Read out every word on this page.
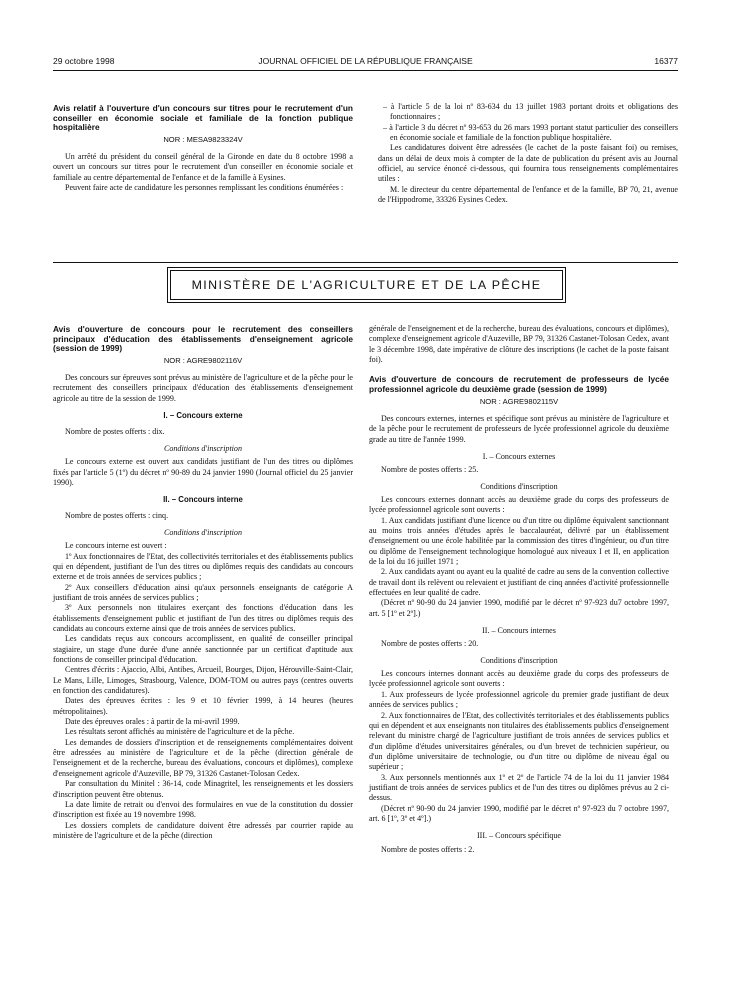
29 octobre 1998	JOURNAL OFFICIEL DE LA RÉPUBLIQUE FRANÇAISE	16377

Avis relatif à l'ouverture d'un concours sur titres pour le recrutement d'un conseiller en économie sociale et familiale de la fonction publique hospitalière

NOR : MESA9823324V

Un arrêté du président du conseil général de la Gironde en date du 8 octobre 1998 a ouvert un concours sur titres pour le recrutement d'un conseiller en économie sociale et familiale au centre départemental de l'enfance et de la famille à Eysines.

Peuvent faire acte de candidature les personnes remplissant les conditions énumérées :

– à l'article 5 de la loi nº 83-634 du 13 juillet 1983 portant droits et obligations des fonctionnaires ;

– à l'article 3 du décret nº 93-653 du 26 mars 1993 portant statut particulier des conseillers en économie sociale et familiale de la fonction publique hospitalière.

Les candidatures doivent être adressées (le cachet de la poste faisant foi) ou remises, dans un délai de deux mois à compter de la date de publication du présent avis au Journal officiel, au service énoncé ci-dessous, qui fournira tous renseignements complémentaires utiles :

M. le directeur du centre départemental de l'enfance et de la famille, BP 70, 21, avenue de l'Hippodrome, 33326 Eysines Cedex.

MINISTÈRE DE L'AGRICULTURE ET DE LA PÊCHE

Avis d'ouverture de concours pour le recrutement des conseillers principaux d'éducation des établissements d'enseignement agricole (session de 1999)

NOR : AGRE9802116V

Des concours sur épreuves sont prévus au ministère de l'agriculture et de la pêche pour le recrutement des conseillers principaux d'éducation des établissements d'enseignement agricole au titre de la session de 1999.

I. – Concours externe

Nombre de postes offerts : dix.

Conditions d'inscription

Le concours externe est ouvert aux candidats justifiant de l'un des titres ou diplômes fixés par l'article 5 (1º) du décret nº 90-89 du 24 janvier 1990 (Journal officiel du 25 janvier 1990).

II. – Concours interne

Nombre de postes offerts : cinq.

Conditions d'inscription

Le concours interne est ouvert :

1º Aux fonctionnaires de l'Etat, des collectivités territoriales et des établissements publics qui en dépendent, justifiant de l'un des titres ou diplômes requis des candidats au concours externe et de trois années de services publics ;

2º Aux conseillers d'éducation ainsi qu'aux personnels enseignants de catégorie A justifiant de trois années de services publics ;

3º Aux personnels non titulaires exerçant des fonctions d'éducation dans les établissements d'enseignement public et justifiant de l'un des titres ou diplômes requis des candidats au concours externe ainsi que de trois années de services publics.

Les candidats reçus aux concours accomplissent, en qualité de conseiller principal stagiaire, un stage d'une durée d'une année sanctionnée par un certificat d'aptitude aux fonctions de conseiller principal d'éducation.

Centres d'écrits : Ajaccio, Albi, Antibes, Arcueil, Bourges, Dijon, Hérouville-Saint-Clair, Le Mans, Lille, Limoges, Strasbourg, Valence, DOM-TOM ou autres pays (centres ouverts en fonction des candidatures).

Dates des épreuves écrites : les 9 et 10 février 1999, à 14 heures (heures métropolitaines).

Date des épreuves orales : à partir de la mi-avril 1999.

Les résultats seront affichés au ministère de l'agriculture et de la pêche.

Les demandes de dossiers d'inscription et de renseignements complémentaires doivent être adressées au ministère de l'agriculture et de la pêche (direction générale de l'enseignement et de la recherche, bureau des évaluations, concours et diplômes), complexe d'enseignement agricole d'Auzeville, BP 79, 31326 Castanet-Tolosan Cedex.

Par consultation du Minitel : 36-14, code Minagritel, les renseignements et les dossiers d'inscription peuvent être obtenus.

La date limite de retrait ou d'envoi des formulaires en vue de la constitution du dossier d'inscription est fixée au 19 novembre 1998.

Les dossiers complets de candidature doivent être adressés par courrier rapide au ministère de l'agriculture et de la pêche (direction

générale de l'enseignement et de la recherche, bureau des évaluations, concours et diplômes), complexe d'enseignement agricole d'Auzeville, BP 79, 31326 Castanet-Tolosan Cedex, avant le 3 décembre 1998, date impérative de clôture des inscriptions (le cachet de la poste faisant foi).

Avis d'ouverture de concours de recrutement de professeurs de lycée professionnel agricole du deuxième grade (session de 1999)

NOR : AGRE9802115V

Des concours externes, internes et spécifique sont prévus au ministère de l'agriculture et de la pêche pour le recrutement de professeurs de lycée professionnel agricole du deuxième grade au titre de l'année 1999.

I. – Concours externes

Nombre de postes offerts : 25.

Conditions d'inscription

Les concours externes donnant accès au deuxième grade du corps des professeurs de lycée professionnel agricole sont ouverts :

1. Aux candidats justifiant d'une licence ou d'un titre ou diplôme équivalent sanctionnant au moins trois années d'études après le baccalauréat, délivré par un établissement d'enseignement ou une école habilitée par la commission des titres d'ingénieur, ou d'un titre ou diplôme de l'enseignement technologique homologué aux niveaux I et II, en application de la loi du 16 juillet 1971 ;

2. Aux candidats ayant ou ayant eu la qualité de cadre au sens de la convention collective de travail dont ils relèvent ou relevaient et justifiant de cinq années d'activité professionnelle effectuées en leur qualité de cadre.

(Décret nº 90-90 du 24 janvier 1990, modifié par le décret nº 97-923 du7 octobre 1997, art. 5 [1º et 2º].)

II. – Concours internes

Nombre de postes offerts : 20.

Conditions d'inscription

Les concours internes donnant accès au deuxième grade du corps des professeurs de lycée professionnel agricole sont ouverts :

1. Aux professeurs de lycée professionnel agricole du premier grade justifiant de deux années de services publics ;

2. Aux fonctionnaires de l'Etat, des collectivités territoriales et des établissements publics qui en dépendent et aux enseignants non titulaires des établissements publics d'enseignement relevant du ministre chargé de l'agriculture justifiant de trois années de services publics et d'un diplôme d'études universitaires générales, ou d'un brevet de technicien supérieur, ou d'un diplôme universitaire de technologie, ou d'un titre ou diplôme de niveau égal ou supérieur ;

3. Aux personnels mentionnés aux 1º et 2º de l'article 74 de la loi du 11 janvier 1984 justifiant de trois années de services publics et de l'un des titres ou diplômes prévus au 2 ci-dessus.

(Décret nº 90-90 du 24 janvier 1990, modifié par le décret nº 97-923 du 7 octobre 1997, art. 6 [1º, 3º et 4º].)

III. – Concours spécifique

Nombre de postes offerts : 2.
